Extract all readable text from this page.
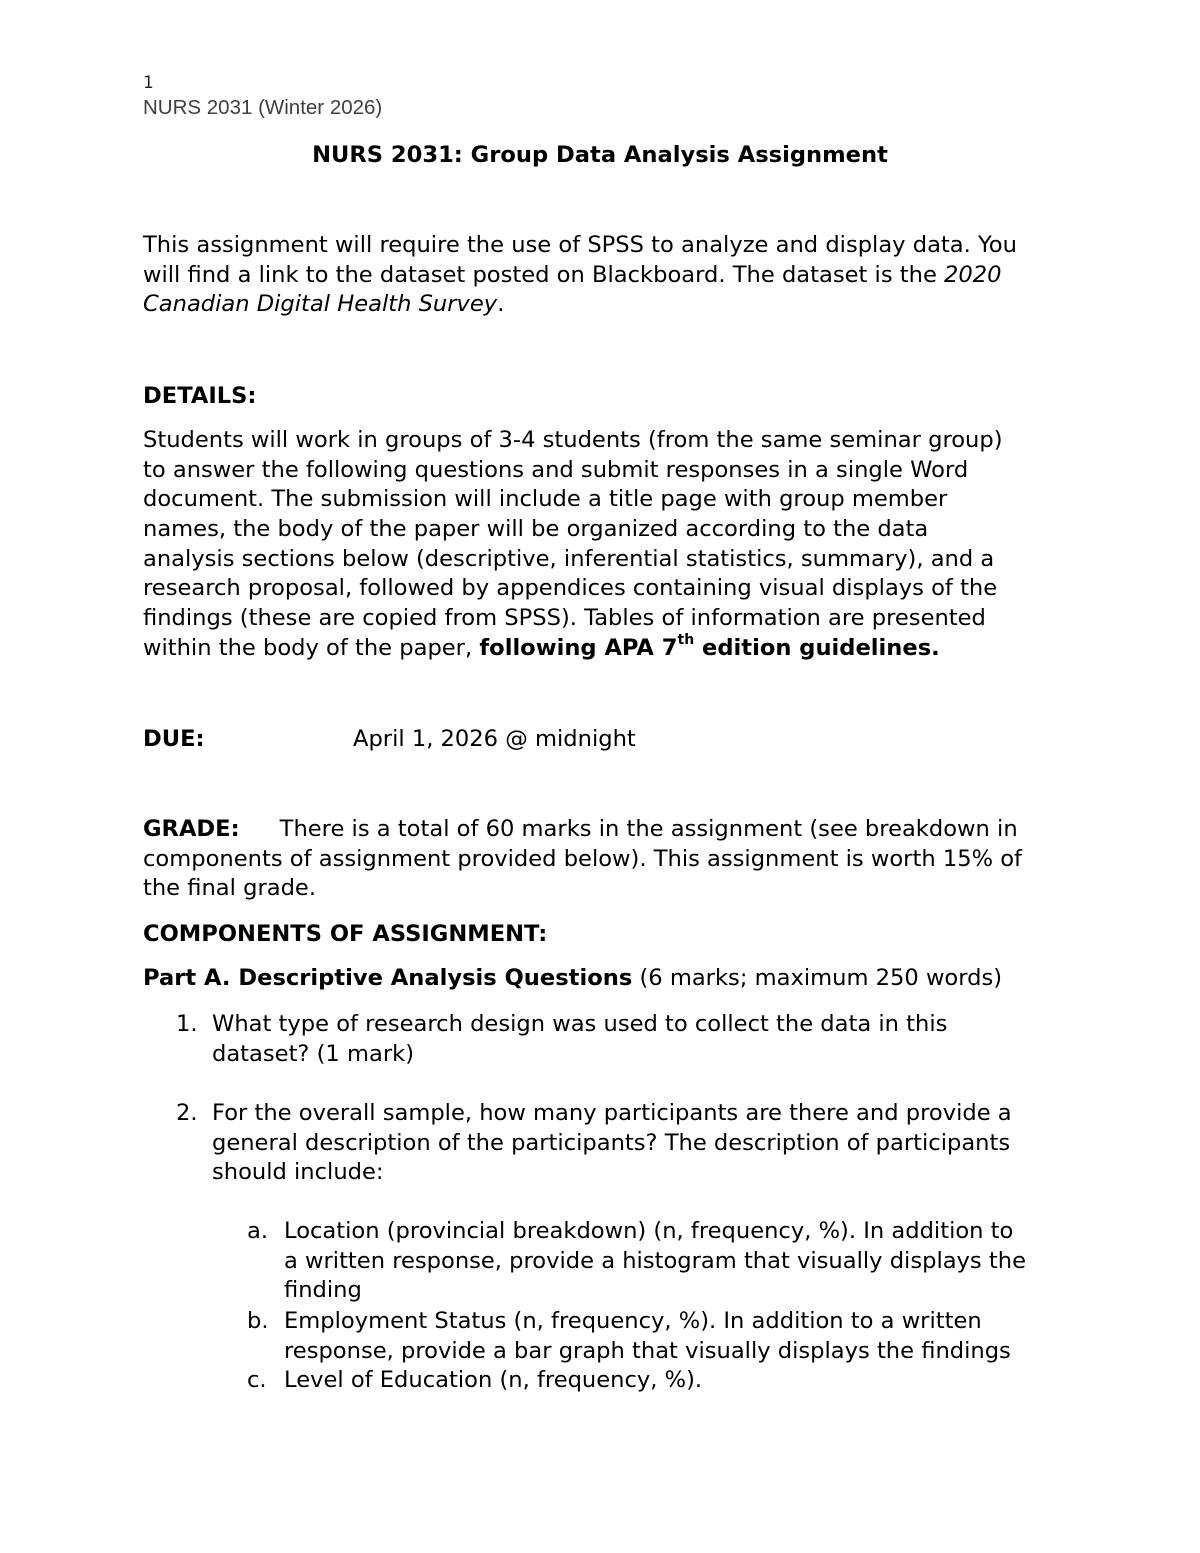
1
NURS 2031 (Winter 2026)
NURS 2031: Group Data Analysis Assignment
This assignment will require the use of SPSS to analyze and display data. You
will find a link to the dataset posted on Blackboard. The dataset is the 2020
Canadian Digital Health Survey.
DETAILS:
Students will work in groups of 3-4 students (from the same seminar group)
to answer the following questions and submit responses in a single Word
document. The submission will include a title page with group member
names, the body of the paper will be organized according to the data
analysis sections below (descriptive, inferential statistics, summary), and a
research proposal, followed by appendices containing visual displays of the
findings (these are copied from SPSS). Tables of information are presented
within the body of the paper, following APA 7th edition guidelines.
DUE:	April 1, 2026 @ midnight
GRADE: There is a total of 60 marks in the assignment (see breakdown in
components of assignment provided below). This assignment is worth 15% of
the final grade.
COMPONENTS OF ASSIGNMENT:
Part A. Descriptive Analysis Questions (6 marks; maximum 250 words)
1. What type of research design was used to collect the data in this
dataset? (1 mark)
2. For the overall sample, how many participants are there and provide a
general description of the participants? The description of participants
should include:
a. Location (provincial breakdown) (n, frequency, %). In addition to
a written response, provide a histogram that visually displays the
finding
b. Employment Status (n, frequency, %). In addition to a written
response, provide a bar graph that visually displays the findings
c. Level of Education (n, frequency, %).
